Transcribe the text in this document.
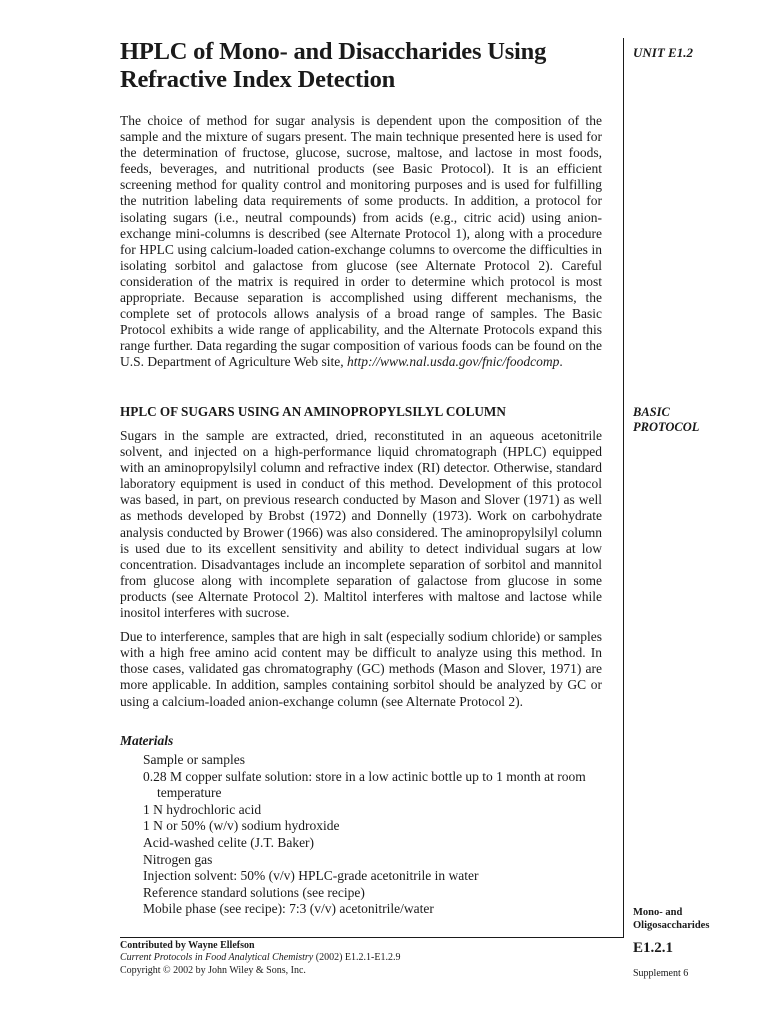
HPLC of Mono- and Disaccharides Using Refractive Index Detection
UNIT E1.2

The choice of method for sugar analysis is dependent upon the composition of the sample and the mixture of sugars present. The main technique presented here is used for the determination of fructose, glucose, sucrose, maltose, and lactose in most foods, feeds, beverages, and nutritional products (see Basic Protocol). It is an efficient screening method for quality control and monitoring purposes and is used for fulfilling the nutrition labeling data requirements of some products. In addition, a protocol for isolating sugars (i.e., neutral compounds) from acids (e.g., citric acid) using anion-exchange mini-columns is described (see Alternate Protocol 1), along with a procedure for HPLC using calcium-loaded cation-exchange columns to overcome the difficulties in isolating sorbitol and galactose from glucose (see Alternate Protocol 2). Careful consideration of the matrix is required in order to determine which protocol is most appropriate. Because separation is accomplished using different mechanisms, the complete set of protocols allows analysis of a broad range of samples. The Basic Protocol exhibits a wide range of applicability, and the Alternate Protocols expand this range further. Data regarding the sugar composition of various foods can be found on the U.S. Department of Agriculture Web site, http://www.nal.usda.gov/fnic/foodcomp.

HPLC OF SUGARS USING AN AMINOPROPYLSILYL COLUMN	BASIC
PROTOCOL

Sugars in the sample are extracted, dried, reconstituted in an aqueous acetonitrile solvent, and injected on a high-performance liquid chromatograph (HPLC) equipped with an aminopropylsilyl column and refractive index (RI) detector. Otherwise, standard laboratory equipment is used in conduct of this method. Development of this protocol was based, in part, on previous research conducted by Mason and Slover (1971) as well as methods developed by Brobst (1972) and Donnelly (1973). Work on carbohydrate analysis conducted by Brower (1966) was also considered. The aminopropylsilyl column is used due to its excellent sensitivity and ability to detect individual sugars at low concentration. Disadvantages include an incomplete separation of sorbitol and mannitol from glucose along with incomplete separation of galactose from glucose in some products (see Alternate Protocol 2). Maltitol interferes with maltose and lactose while inositol interferes with sucrose.

Due to interference, samples that are high in salt (especially sodium chloride) or samples with a high free amino acid content may be difficult to analyze using this method. In those cases, validated gas chromatography (GC) methods (Mason and Slover, 1971) are more applicable. In addition, samples containing sorbitol should be analyzed by GC or using a calcium-loaded anion-exchange column (see Alternate Protocol 2).

Materials
Sample or samples
0.28 M copper sulfate solution: store in a low actinic bottle up to 1 month at room temperature
1 N hydrochloric acid
1 N or 50% (w/v) sodium hydroxide
Acid-washed celite (J.T. Baker)
Nitrogen gas
Injection solvent: 50% (v/v) HPLC-grade acetonitrile in water
Reference standard solutions (see recipe)
Mobile phase (see recipe): 7:3 (v/v) acetonitrile/water
Contributed by Wayne Ellefson
Current Protocols in Food Analytical Chemistry (2002) E1.2.1-E1.2.9
Copyright © 2002 by John Wiley & Sons, Inc.
Mono- and
Oligosaccharides
E1.2.1
Supplement 6
